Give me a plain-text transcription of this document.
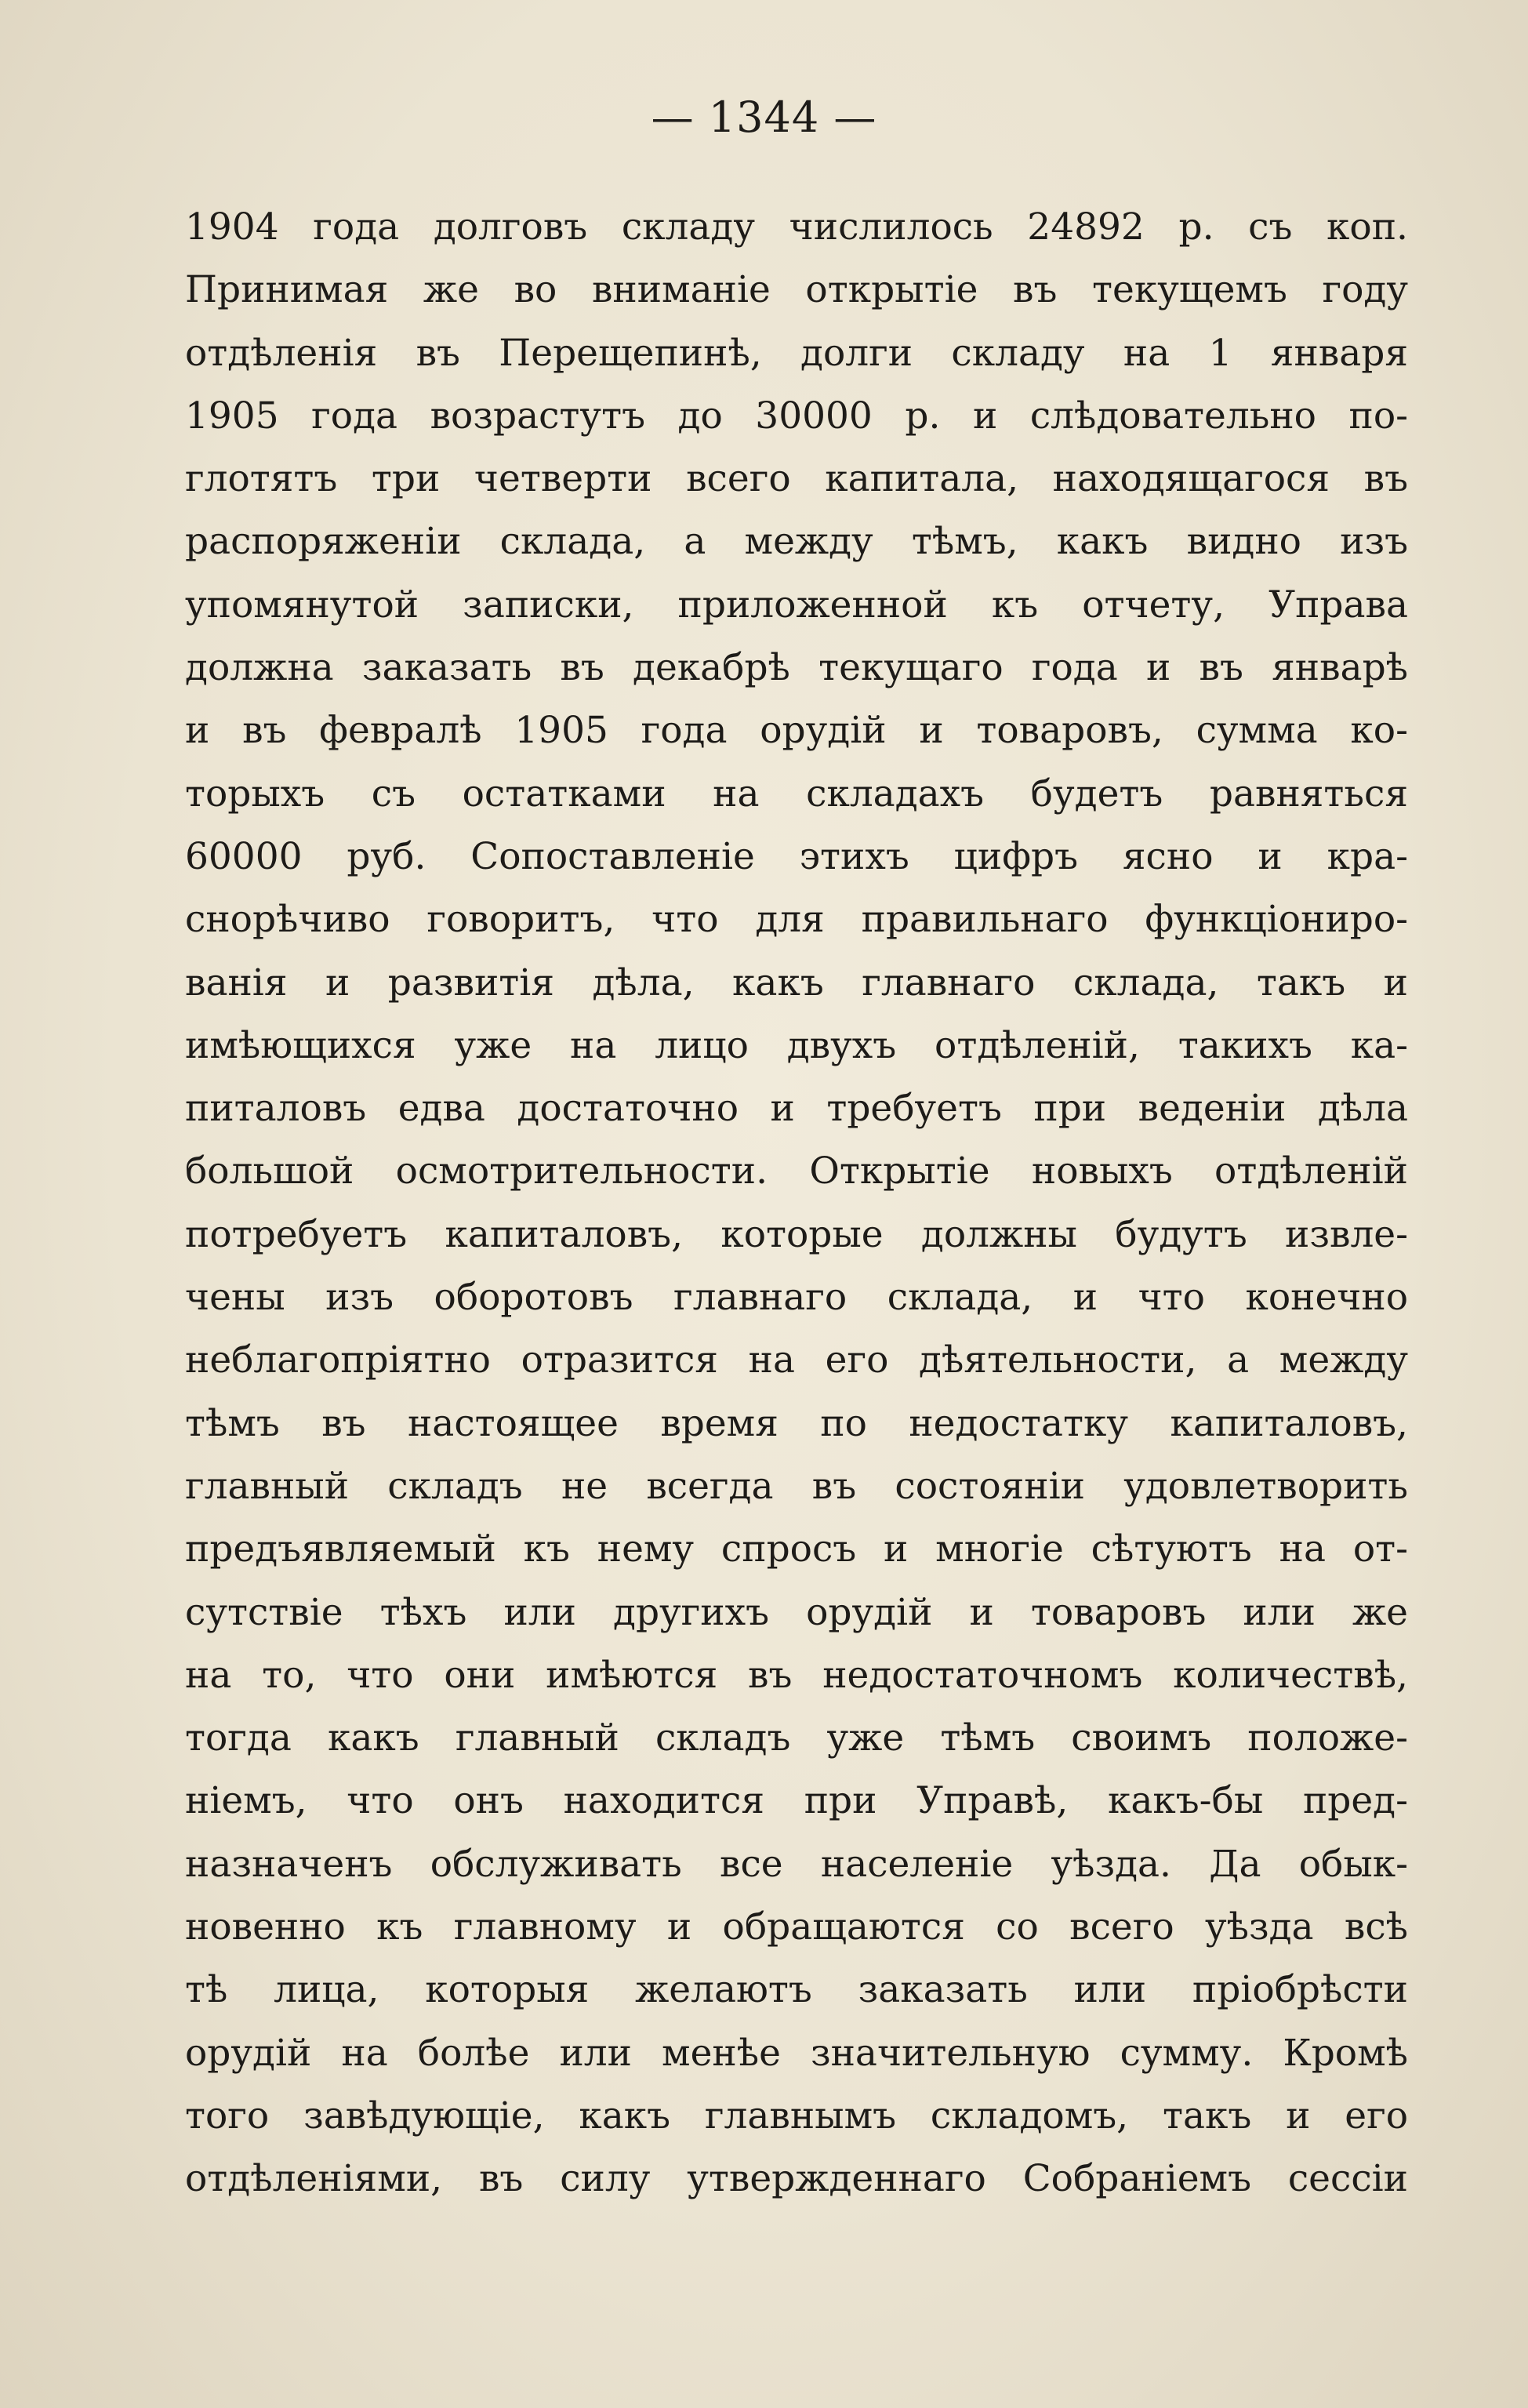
— 1344 —
1904 года долговъ складу числилось 24892 р. съ коп.
Принимая же во вниманіе открытіе въ текущемъ году
отдѣленія въ Перещепинѣ, долги складу на 1 января
1905 года возрастутъ до 30000 р. и слѣдовательно по-
глотятъ три четверти всего капитала, находящагося въ
распоряженіи склада, а между тѣмъ, какъ видно изъ
упомянутой записки, приложенной къ отчету, Управа
должна заказать въ декабрѣ текущаго года и въ январѣ
и въ февралѣ 1905 года орудій и товаровъ, сумма ко-
торыхъ съ остатками на складахъ будетъ равняться
60000 руб. Сопоставленіе этихъ цифръ ясно и кра-
снорѣчиво говоритъ, что для правильнаго функціониро-
ванія и развитія дѣла, какъ главнаго склада, такъ и
имѣющихся уже на лицо двухъ отдѣленій, такихъ ка-
питаловъ едва достаточно и требуетъ при веденіи дѣла
большой осмотрительности. Открытіе новыхъ отдѣленій
потребуетъ капиталовъ, которые должны будутъ извле-
чены изъ оборотовъ главнаго склада, и что конечно
неблагопріятно отразится на его дѣятельности, а между
тѣмъ въ настоящее время по недостатку капиталовъ,
главный складъ не всегда въ состояніи удовлетворить
предъявляемый къ нему спросъ и многіе сѣтуютъ на от-
сутствіе тѣхъ или другихъ орудій и товаровъ или же
на то, что они имѣются въ недостаточномъ количествѣ,
тогда какъ главный складъ уже тѣмъ своимъ положе-
ніемъ, что онъ находится при Управѣ, какъ-бы пред-
назначенъ обслуживать все населеніе уѣзда. Да обык-
новенно къ главному и обращаются со всего уѣзда всѣ
тѣ лица, которыя желаютъ заказать или пріобрѣсти
орудій на болѣе или менѣе значительную сумму. Кромѣ
того завѣдующіе, какъ главнымъ складомъ, такъ и его
отдѣленіями, въ силу утвержденнаго Собраніемъ сессіи
